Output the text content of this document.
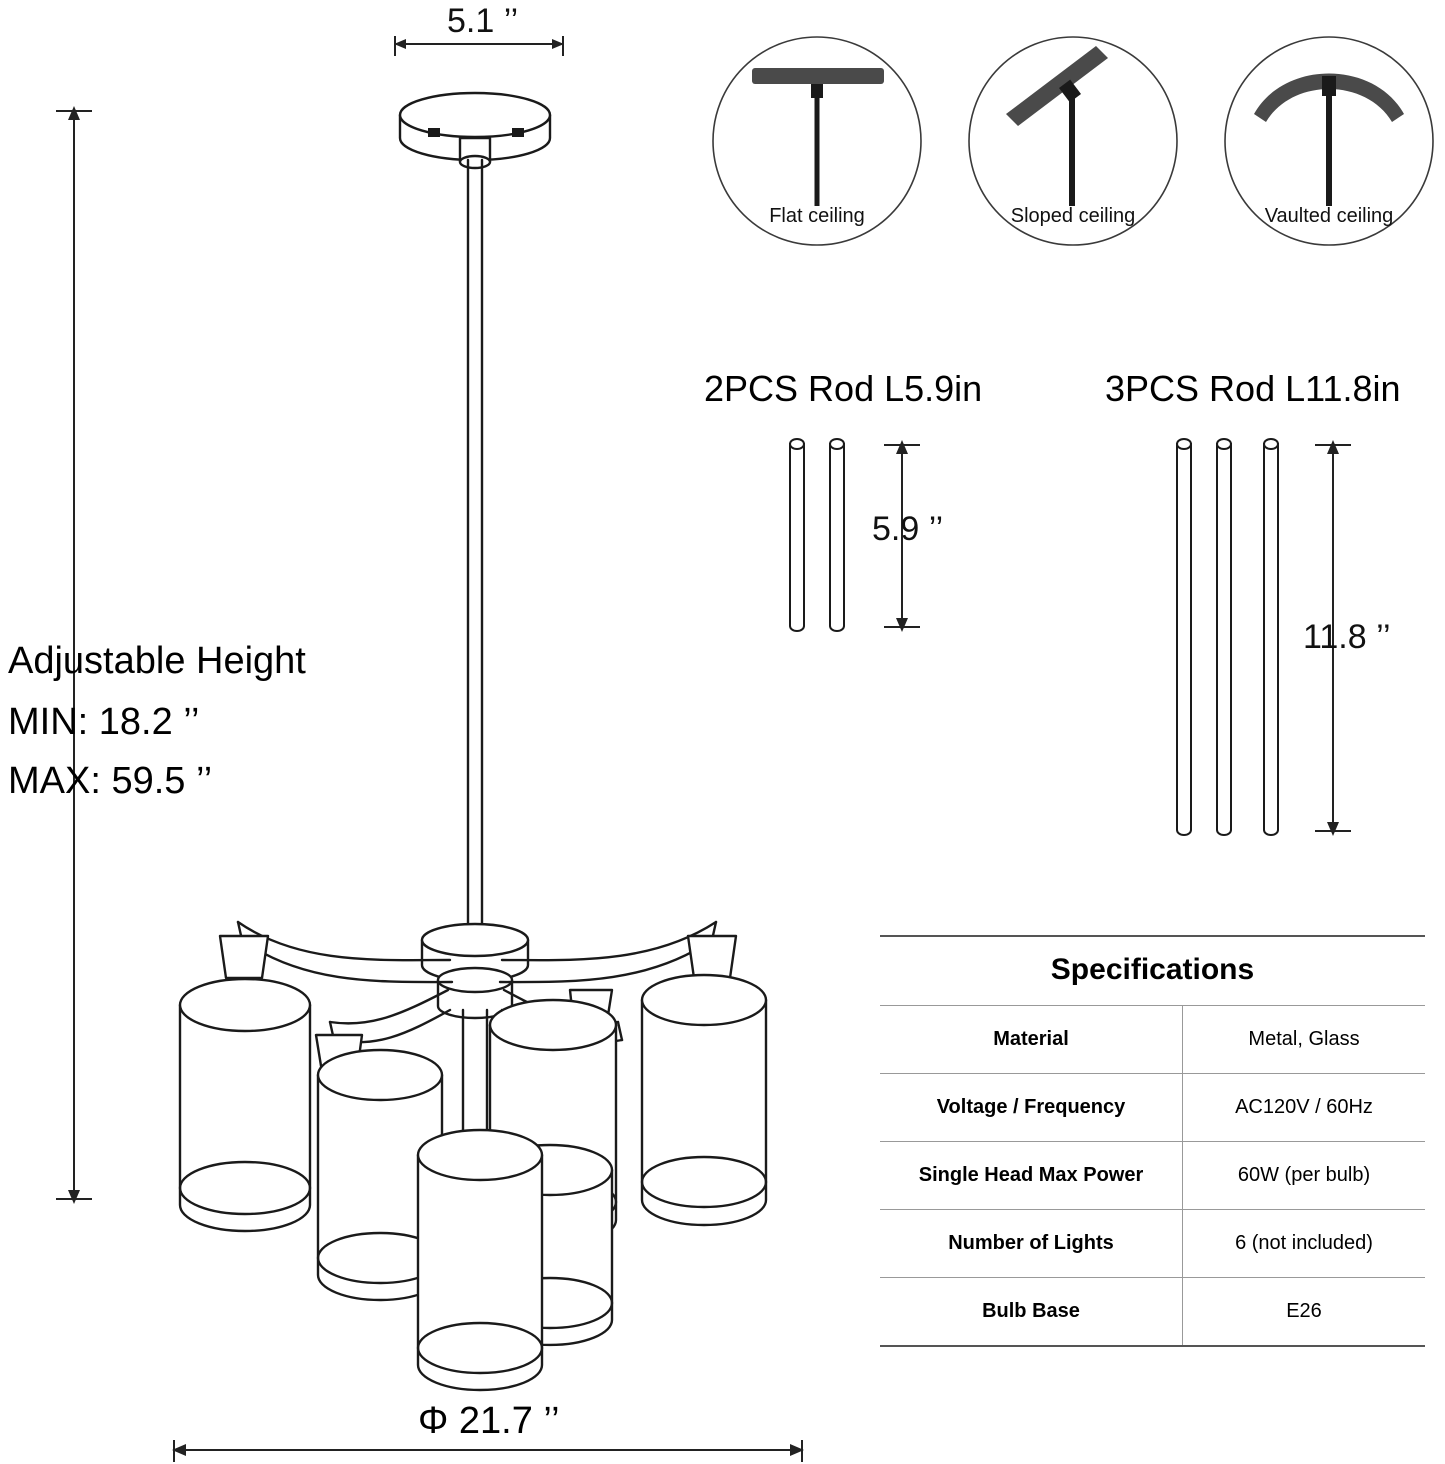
5.1 ’’
Adjustable Height
MIN: 18.2 ’’
MAX: 59.5 ’’
Φ 21.7 ’’
Flat ceiling	Sloped ceiling	Vaulted ceiling
2PCS Rod L5.9in
5.9 ’’
3PCS Rod L11.8in
11.8 ’’
Specifications
Material	Metal, Glass
Voltage / Frequency	AC120V / 60Hz
Single Head Max Power	60W (per bulb)
Number of Lights	6 (not included)
Bulb Base	E26
